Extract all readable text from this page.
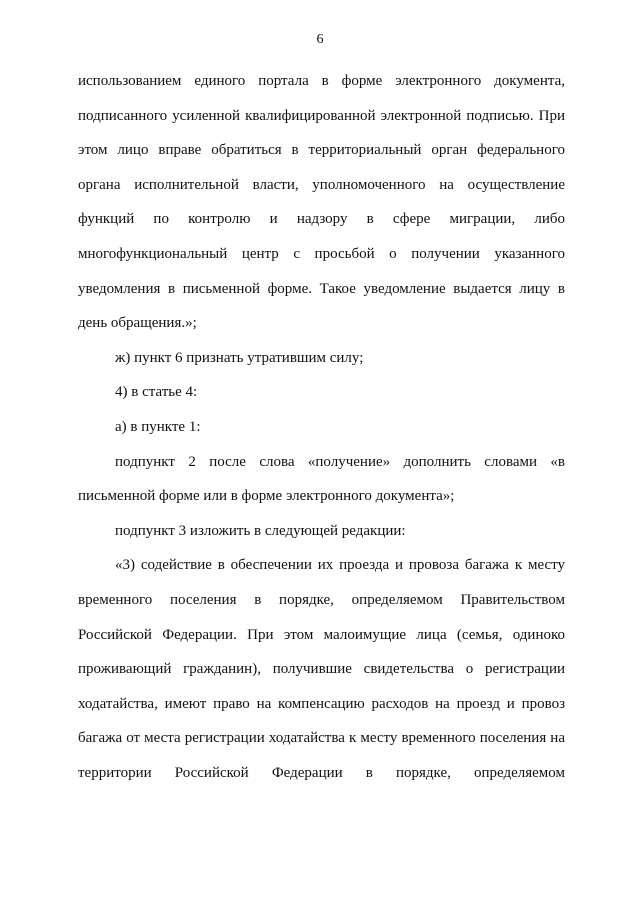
6

использованием единого портала в форме электронного документа, подписанного усиленной квалифицированной электронной подписью. При этом лицо вправе обратиться в территориальный орган федерального органа исполнительной власти, уполномоченного на осуществление функций по контролю и надзору в сфере миграции, либо многофункциональный центр с просьбой о получении указанного уведомления в письменной форме. Такое уведомление выдается лицу в день обращения.»;

ж) пункт 6 признать утратившим силу;

4) в статье 4:

а) в пункте 1:

подпункт 2 после слова «получение» дополнить словами «в письменной форме или в форме электронного документа»;

подпункт 3 изложить в следующей редакции:

«3) содействие в обеспечении их проезда и провоза багажа к месту временного поселения в порядке, определяемом Правительством Российской Федерации. При этом малоимущие лица (семья, одиноко проживающий гражданин), получившие свидетельства о регистрации ходатайства, имеют право на компенсацию расходов на проезд и провоз багажа от места регистрации ходатайства к месту временного поселения на территории Российской Федерации в порядке, определяемом
